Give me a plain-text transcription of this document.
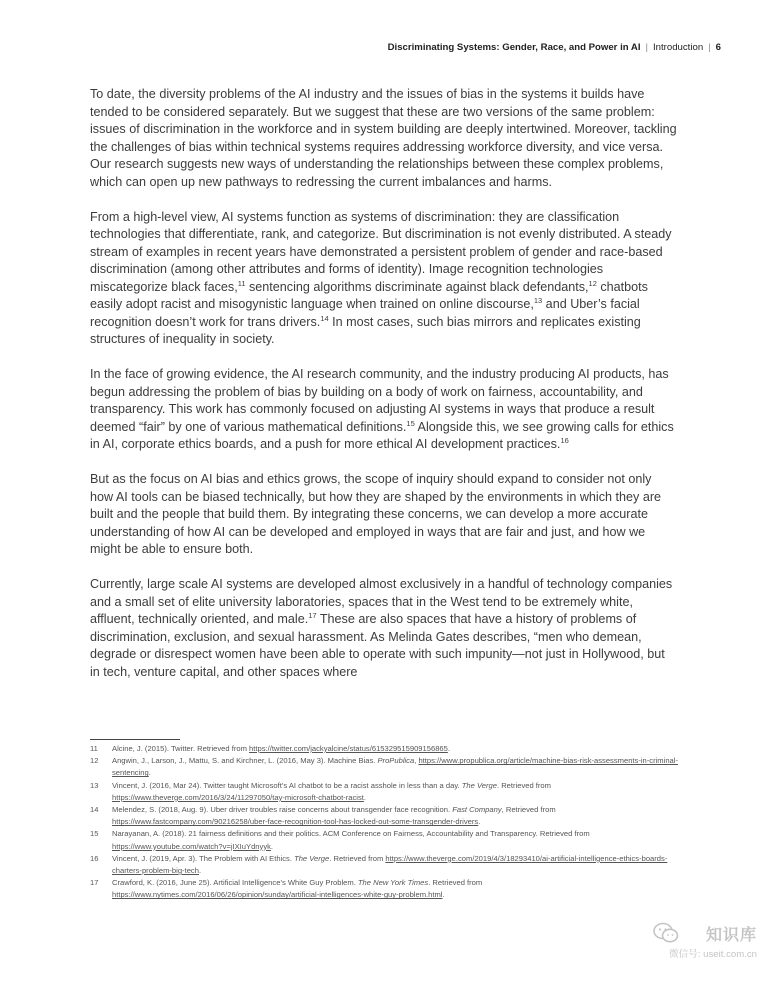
Discriminating Systems: Gender, Race, and Power in AI | Introduction | 6

To date, the diversity problems of the AI industry and the issues of bias in the systems it builds have tended to be considered separately. But we suggest that these are two versions of the same problem: issues of discrimination in the workforce and in system building are deeply intertwined. Moreover, tackling the challenges of bias within technical systems requires addressing workforce diversity, and vice versa. Our research suggests new ways of understanding the relationships between these complex problems, which can open up new pathways to redressing the current imbalances and harms.

From a high-level view, AI systems function as systems of discrimination: they are classification technologies that differentiate, rank, and categorize. But discrimination is not evenly distributed. A steady stream of examples in recent years have demonstrated a persistent problem of gender and race-based discrimination (among other attributes and forms of identity). Image recognition technologies miscategorize black faces,$^{11}$ sentencing algorithms discriminate against black defendants,$^{12}$ chatbots easily adopt racist and misogynistic language when trained on online discourse,$^{13}$ and Uber’s facial recognition doesn’t work for trans drivers.$^{14}$ In most cases, such bias mirrors and replicates existing structures of inequality in society.

In the face of growing evidence, the AI research community, and the industry producing AI products, has begun addressing the problem of bias by building on a body of work on fairness, accountability, and transparency. This work has commonly focused on adjusting AI systems in ways that produce a result deemed “fair” by one of various mathematical definitions.$^{15}$ Alongside this, we see growing calls for ethics in AI, corporate ethics boards, and a push for more ethical AI development practices.$^{16}$

But as the focus on AI bias and ethics grows, the scope of inquiry should expand to consider not only how AI tools can be biased technically, but how they are shaped by the environments in which they are built and the people that build them. By integrating these concerns, we can develop a more accurate understanding of how AI can be developed and employed in ways that are fair and just, and how we might be able to ensure both.

Currently, large scale AI systems are developed almost exclusively in a handful of technology companies and a small set of elite university laboratories, spaces that in the West tend to be extremely white, affluent, technically oriented, and male.$^{17}$ These are also spaces that have a history of problems of discrimination, exclusion, and sexual harassment. As Melinda Gates describes, “men who demean, degrade or disrespect women have been able to operate with such impunity—not just in Hollywood, but in tech, venture capital, and other spaces where

11	Alcine, J. (2015). Twitter. Retrieved from https://twitter.com/jackyalcine/status/615329515909156865.
12	Angwin, J., Larson, J., Mattu, S. and Kirchner, L. (2016, May 3). Machine Bias. ProPublica, https://www.propublica.org/article/machine-bias-risk-assessments-in-criminal-sentencing.
13	Vincent, J. (2016, Mar 24). Twitter taught Microsoft’s AI chatbot to be a racist asshole in less than a day. The Verge. Retrieved from https://www.theverge.com/2016/3/24/11297050/tay-microsoft-chatbot-racist.
14	Melendez, S. (2018, Aug. 9). Uber driver troubles raise concerns about transgender face recognition. Fast Company, Retrieved from https://www.fastcompany.com/90216258/uber-face-recognition-tool-has-locked-out-some-transgender-drivers.
15	Narayanan, A. (2018). 21 fairness definitions and their politics. ACM Conference on Fairness, Accountability and Transparency. Retrieved from https://www.youtube.com/watch?v=jIXIuYdnyyk.
16	Vincent, J. (2019, Apr. 3). The Problem with AI Ethics. The Verge. Retrieved from https://www.theverge.com/2019/4/3/18293410/ai-artificial-intelligence-ethics-boards-charters-problem-big-tech.
17	Crawford, K. (2016, June 25). Artificial Intelligence’s White Guy Problem. The New York Times. Retrieved from https://www.nytimes.com/2016/06/26/opinion/sunday/artificial-intelligences-white-guy-problem.html.
知识库
微信号: useit.com.cn
